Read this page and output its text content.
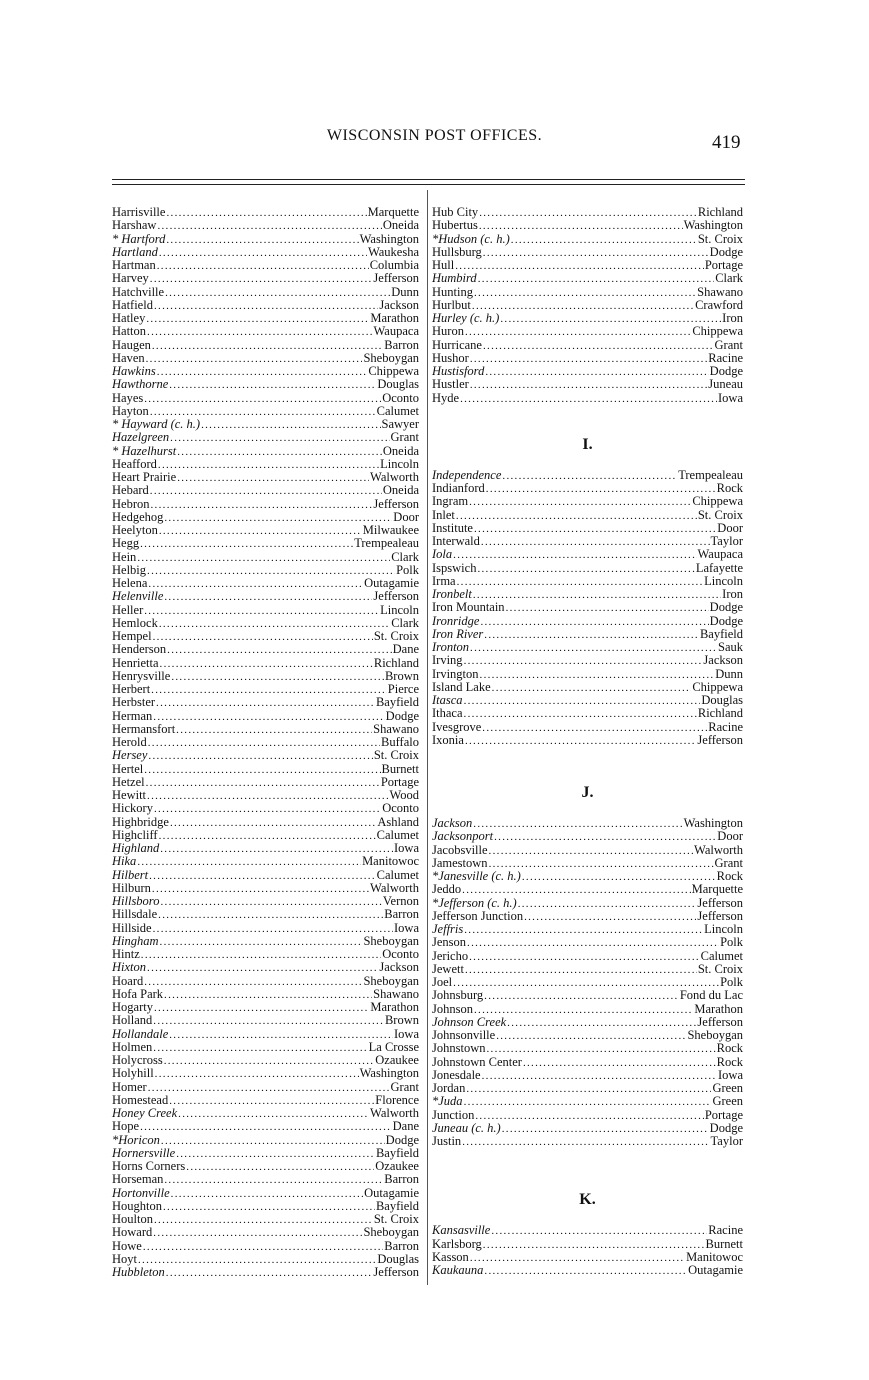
WISCONSIN POST OFFICES.	419
Harrisville .....	Marquette
Harshaw .....	Oneida
* Hartford .....	Washington
Hartland .....	Waukesha
Hartman .....	Columbia
Harvey .....	Jefferson
Hatchville .....	Dunn
Hatfield .....	Jackson
Hatley .....	Marathon
Hatton .....	Waupaca
Haugen .....	Barron
Haven .....	Sheboygan
Hawkins .....	Chippewa
Hawthorne .....	Douglas
Hayes .....	Oconto
Hayton .....	Calumet
* Hayward (c. h.) .....	Sawyer
Hazelgreen .....	Grant
* Hazelhurst .....	Oneida
Heafford .....	Lincoln
Heart Prairie .....	Walworth
Hebard .....	Oneida
Hebron .....	Jefferson
Hedgehog .....	Door
Heelyton .....	Milwaukee
Hegg .....	Trempealeau
Hein .....	Clark
Helbig .....	Polk
Helena .....	Outagamie
Helenville .....	Jefferson
Heller .....	Lincoln
Hemlock .....	Clark
Hempel .....	St. Croix
Henderson .....	Dane
Henrietta .....	Richland
Henrysville .....	Brown
Herbert .....	Pierce
Herbster .....	Bayfield
Herman .....	Dodge
Hermansfort .....	Shawano
Herold .....	Buffalo
Hersey .....	St. Croix
Hertel .....	Burnett
Hetzel .....	Portage
Hewitt .....	Wood
Hickory .....	Oconto
Highbridge .....	Ashland
Highcliff .....	Calumet
Highland .....	Iowa
Hika .....	Manitowoc
Hilbert .....	Calumet
Hilburn .....	Walworth
Hillsboro .....	Vernon
Hillsdale .....	Barron
Hillside .....	Iowa
Hingham .....	Sheboygan
Hintz .....	Oconto
Hixton .....	Jackson
Hoard .....	Sheboygan
Hofa Park .....	Shawano
Hogarty .....	Marathon
Holland .....	Brown
Hollandale .....	Iowa
Holmen .....	La Crosse
Holycross .....	Ozaukee
Holyhill .....	Washington
Homer .....	Grant
Homestead .....	Florence
Honey Creek .....	Walworth
Hope .....	Dane
*Horicon .....	Dodge
Hornersville .....	Bayfield
Horns Corners .....	Ozaukee
Horseman .....	Barron
Hortonville .....	Outagamie
Houghton .....	Bayfield
Houlton .....	St. Croix
Howard .....	Sheboygan
Howe .....	Barron
Hoyt .....	Douglas
Hubbleton .....	Jefferson
Hub City .....	Richland
Hubertus .....	Washington
*Hudson (c. h.) .....	St. Croix
Hullsburg .....	Dodge
Hull .....	Portage
Humbird .....	Clark
Hunting .....	Shawano
Hurlbut .....	Crawford
Hurley (c. h.) .....	Iron
Huron .....	Chippewa
Hurricane .....	Grant
Hushor .....	Racine
Hustisford .....	Dodge
Hustler .....	Juneau
Hyde .....	Iowa
I.
Independence .....	Trempealeau
Indianford .....	Rock
Ingram .....	Chippewa
Inlet .....	St. Croix
Institute .....	Door
Interwald .....	Taylor
Iola .....	Waupaca
Ispswich .....	Lafayette
Irma .....	Lincoln
Ironbelt .....	Iron
Iron Mountain .....	Dodge
Ironridge .....	Dodge
Iron River .....	Bayfield
Ironton .....	Sauk
Irving .....	Jackson
Irvington .....	Dunn
Island Lake .....	Chippewa
Itasca .....	Douglas
Ithaca .....	Richland
Ivesgrove .....	Racine
Ixonia .....	Jefferson
J.
Jackson .....	Washington
Jacksonport .....	Door
Jacobsville .....	Walworth
Jamestown .....	Grant
*Janesville (c. h.) .....	Rock
Jeddo .....	Marquette
*Jefferson (c. h.) .....	Jefferson
Jefferson Junction .....	Jefferson
Jeffris .....	Lincoln
Jenson .....	Polk
Jericho .....	Calumet
Jewett .....	St. Croix
Joel .....	Polk
Johnsburg .....	Fond du Lac
Johnson .....	Marathon
Johnson Creek .....	Jefferson
Johnsonville .....	Sheboygan
Johnstown .....	Rock
Johnstown Center .....	Rock
Jonesdale .....	Iowa
Jordan .....	Green
*Juda .....	Green
Junction .....	Portage
Juneau (c. h.) .....	Dodge
Justin .....	Taylor
K.
Kansasville .....	Racine
Karlsborg .....	Burnett
Kasson .....	Manitowoc
Kaukauna .....	Outagamie
